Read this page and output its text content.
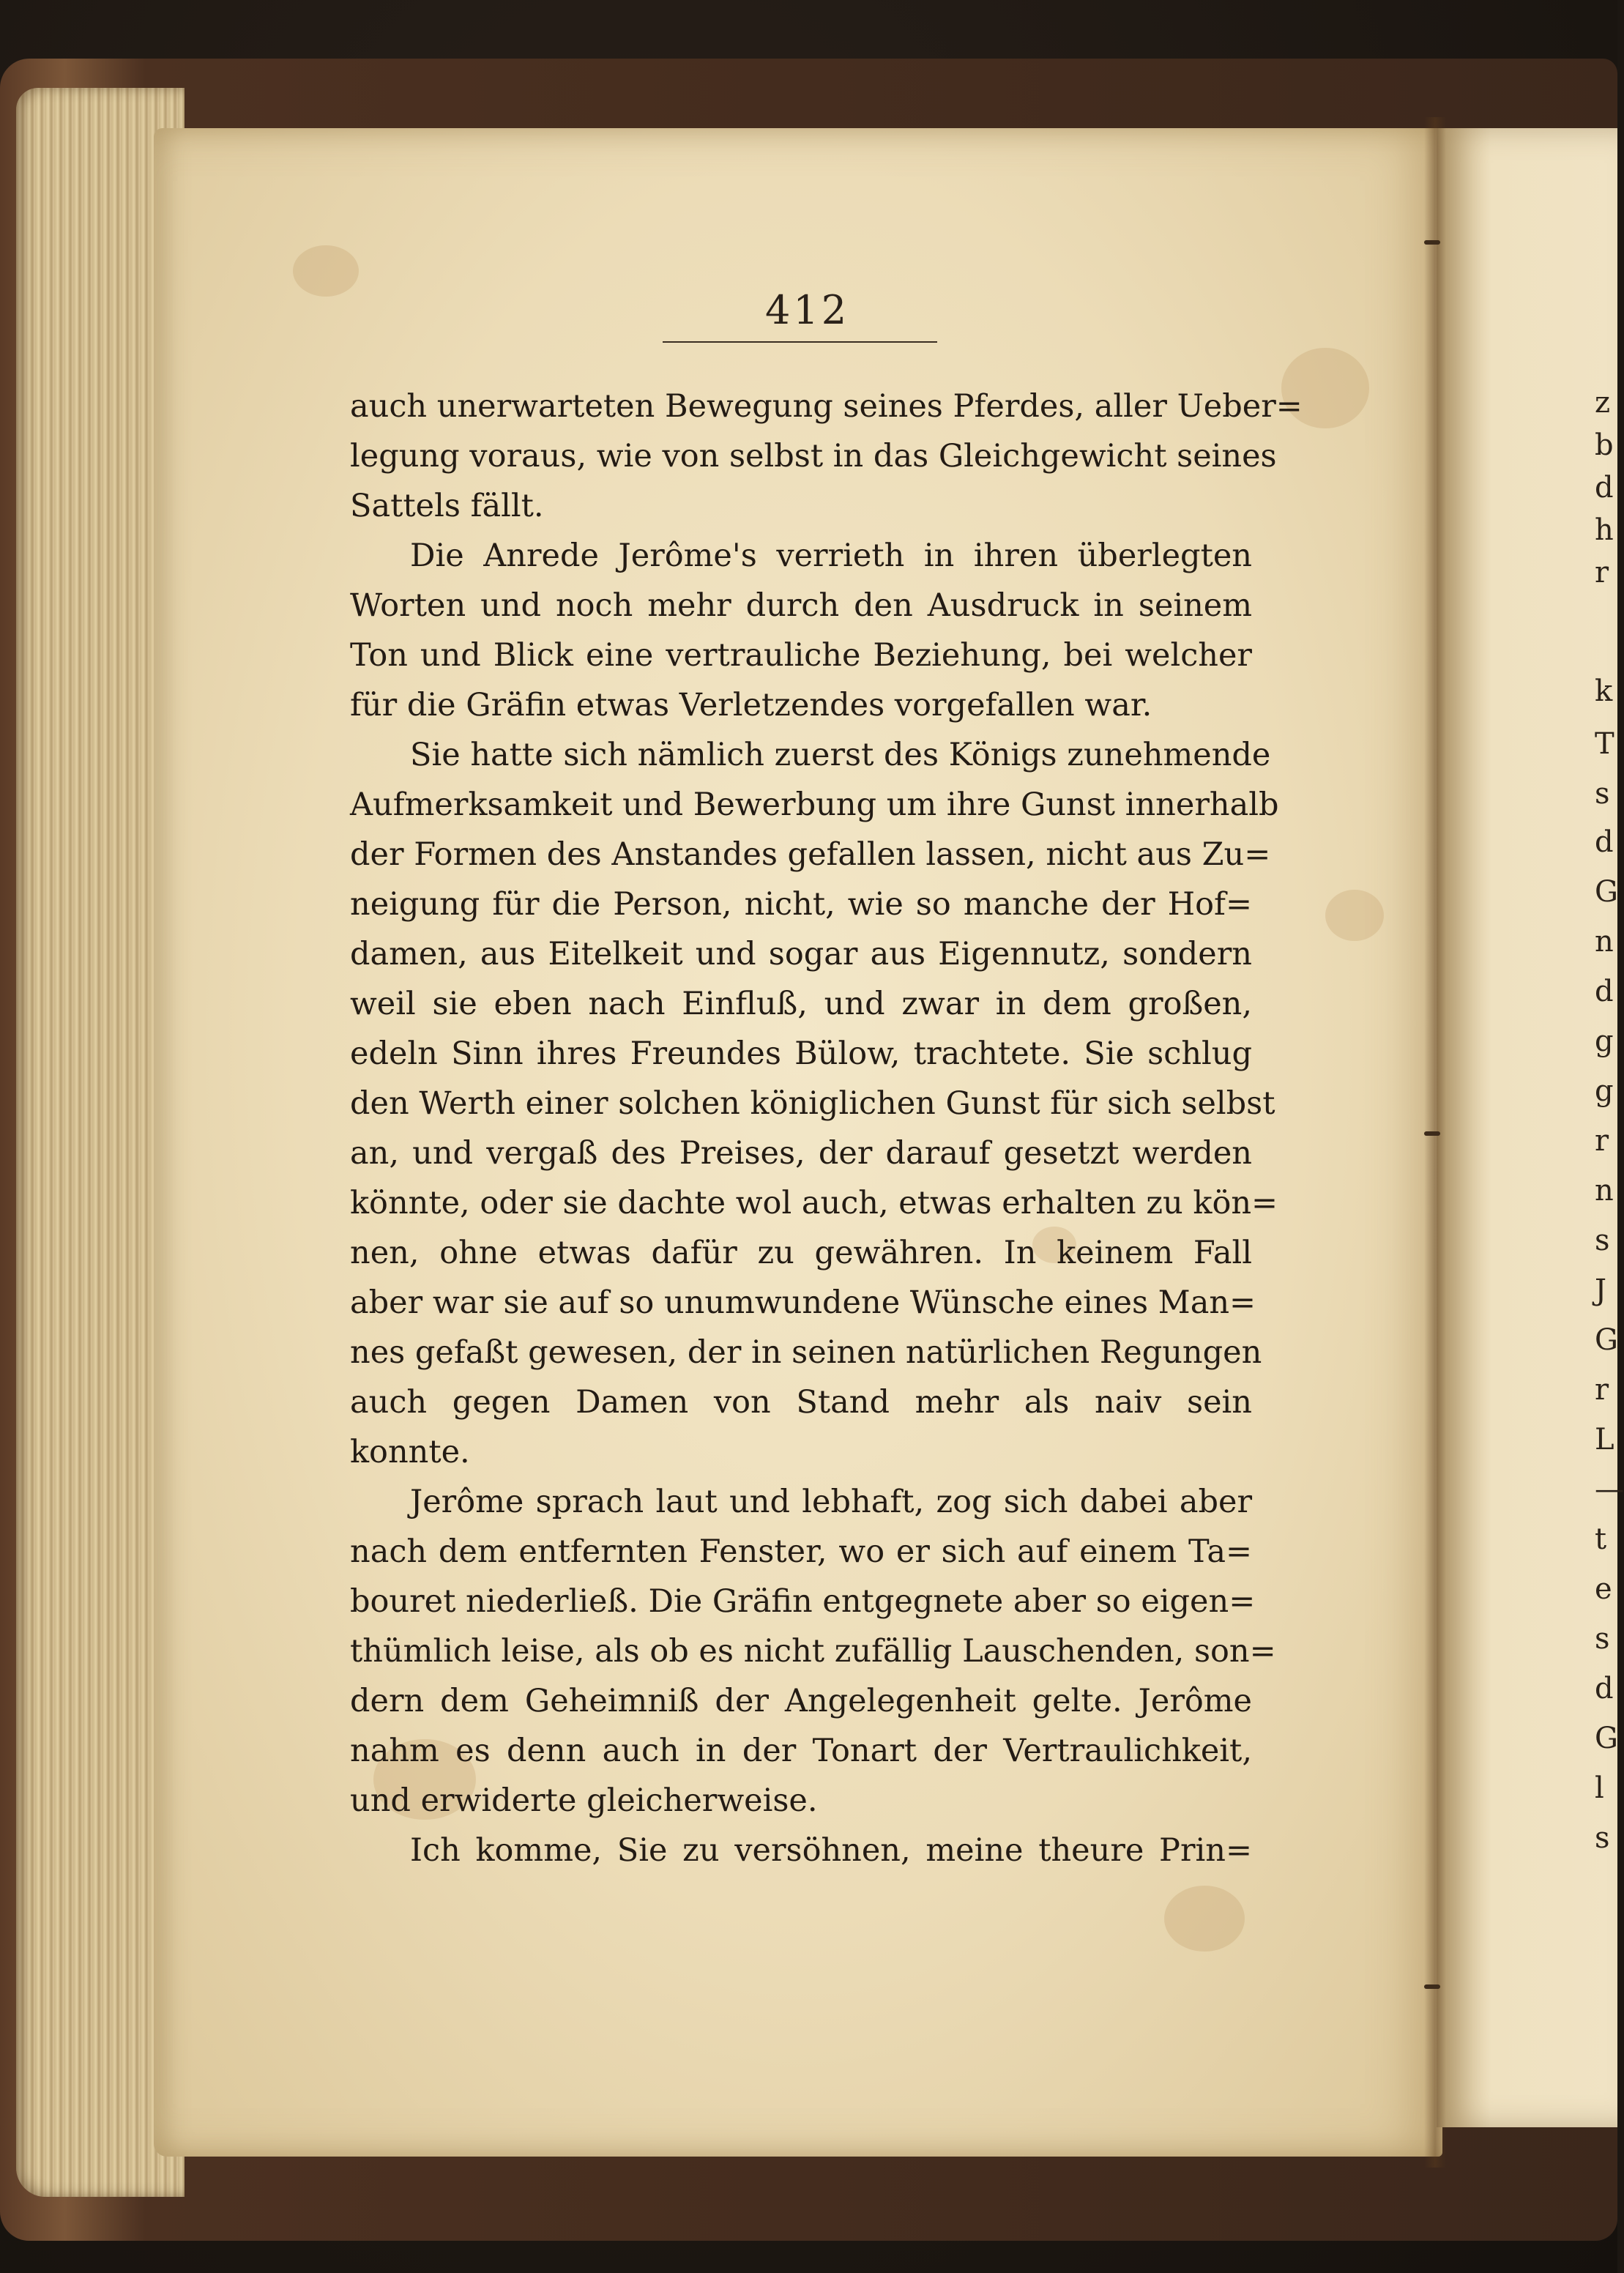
412
auch unerwarteten Bewegung seines Pferdes, aller Ueber=
legung voraus, wie von selbst in das Gleichgewicht seines
Sattels fällt.
Die Anrede Jerôme's verrieth in ihren überlegten
Worten und noch mehr durch den Ausdruck in seinem
Ton und Blick eine vertrauliche Beziehung, bei welcher
für die Gräfin etwas Verletzendes vorgefallen war.
Sie hatte sich nämlich zuerst des Königs zunehmende
Aufmerksamkeit und Bewerbung um ihre Gunst innerhalb
der Formen des Anstandes gefallen lassen, nicht aus Zu=
neigung für die Person, nicht, wie so manche der Hof=
damen, aus Eitelkeit und sogar aus Eigennutz, sondern
weil sie eben nach Einfluß, und zwar in dem großen,
edeln Sinn ihres Freundes Bülow, trachtete. Sie schlug
den Werth einer solchen königlichen Gunst für sich selbst
an, und vergaß des Preises, der darauf gesetzt werden
könnte, oder sie dachte wol auch, etwas erhalten zu kön=
nen, ohne etwas dafür zu gewähren. In keinem Fall
aber war sie auf so unumwundene Wünsche eines Man=
nes gefaßt gewesen, der in seinen natürlichen Regungen
auch gegen Damen von Stand mehr als naiv sein
konnte.
Jerôme sprach laut und lebhaft, zog sich dabei aber
nach dem entfernten Fenster, wo er sich auf einem Ta=
bouret niederließ. Die Gräfin entgegnete aber so eigen=
thümlich leise, als ob es nicht zufällig Lauschenden, son=
dern dem Geheimniß der Angelegenheit gelte. Jerôme
nahm es denn auch in der Tonart der Vertraulichkeit,
und erwiderte gleicherweise.
Ich komme, Sie zu versöhnen, meine theure Prin=
z
b
d
h
r
k
T
s
d
G
n
d
g
g
r
n
s
J
G
r
L
—
t
e
s
d
G
l
s
